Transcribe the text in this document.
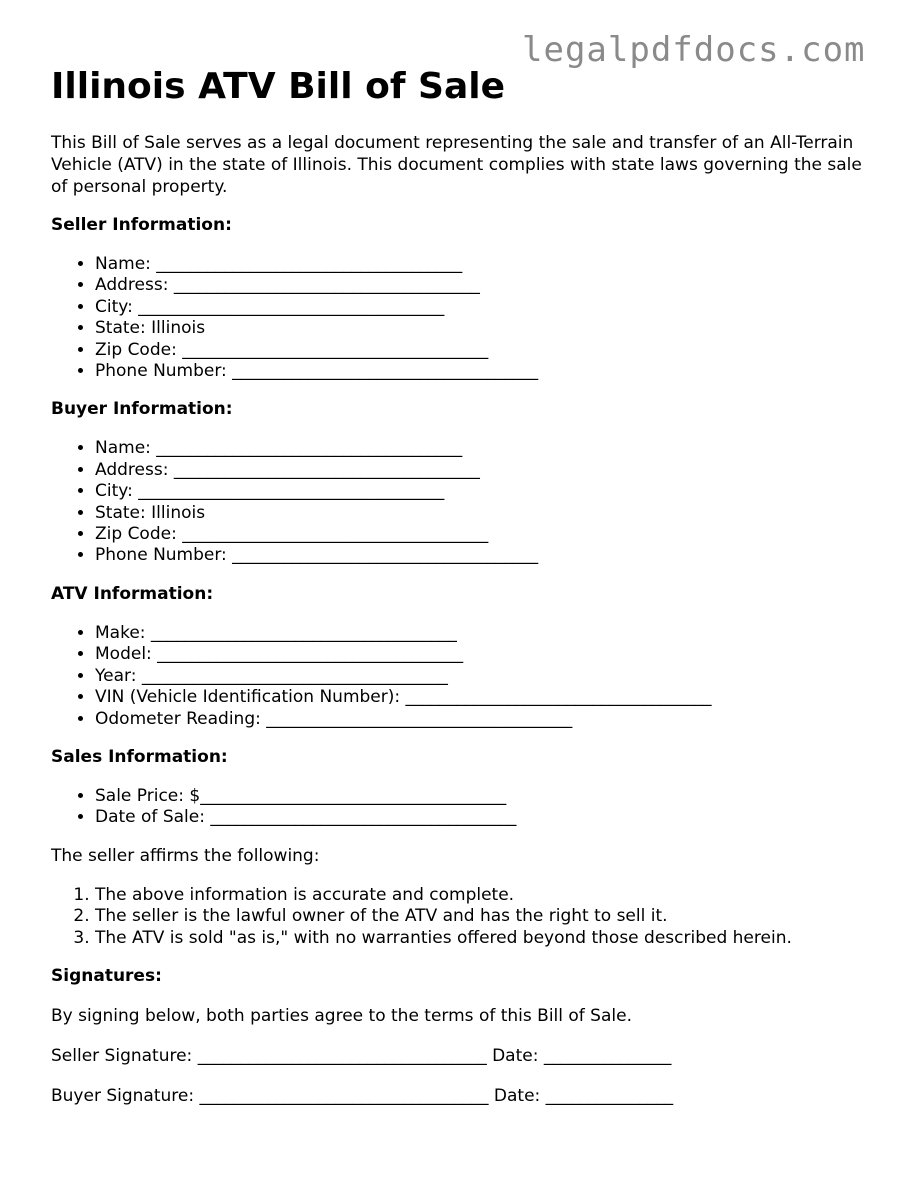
legalpdfdocs.com
Illinois ATV Bill of Sale

This Bill of Sale serves as a legal document representing the sale and transfer of an All-Terrain Vehicle (ATV) in the state of Illinois. This document complies with state laws governing the sale of personal property.

Seller Information:
• Name: ____________________________________
• Address: ____________________________________
• City: ____________________________________
• State: Illinois
• Zip Code: ____________________________________
• Phone Number: ____________________________________
Buyer Information:
• Name: ____________________________________
• Address: ____________________________________
• City: ____________________________________
• State: Illinois
• Zip Code: ____________________________________
• Phone Number: ____________________________________
ATV Information:
• Make: ____________________________________
• Model: ____________________________________
• Year: ____________________________________
• VIN (Vehicle Identification Number): ____________________________________
• Odometer Reading: ____________________________________
Sales Information:
• Sale Price: $____________________________________
• Date of Sale: ____________________________________

The seller affirms the following:

1. The above information is accurate and complete.
2. The seller is the lawful owner of the ATV and has the right to sell it.
3. The ATV is sold "as is," with no warranties offered beyond those described herein.
Signatures:

By signing below, both parties agree to the terms of this Bill of Sale.

Seller Signature: __________________________________ Date: _______________

Buyer Signature: __________________________________ Date: _______________
